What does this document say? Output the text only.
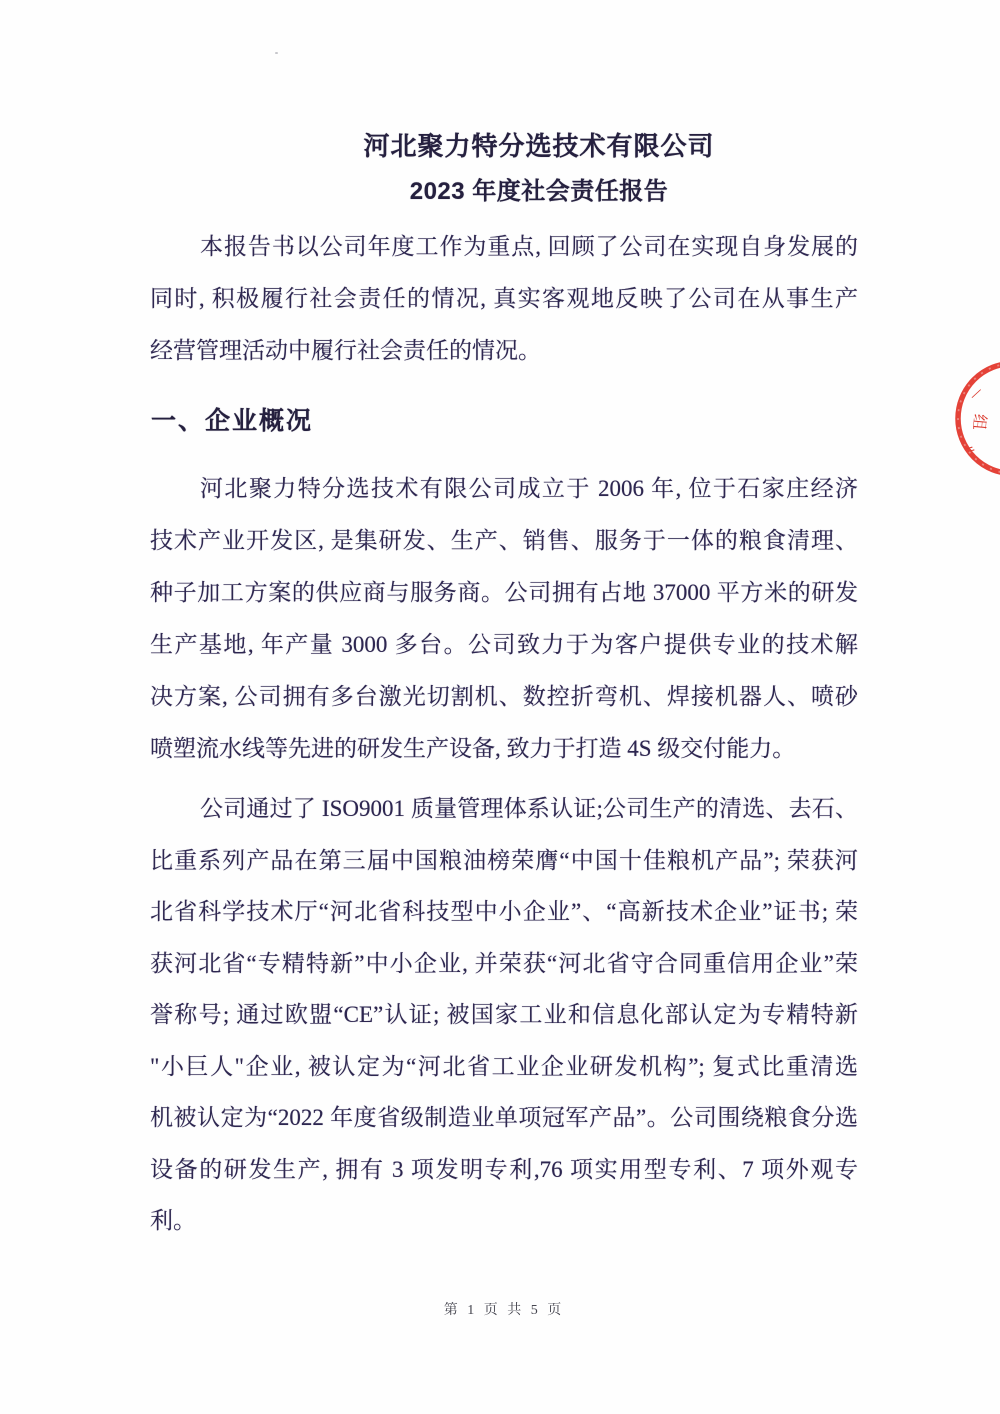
河北聚力特分选技术有限公司
2023 年度社会责任报告
本报告书以公司年度工作为重点, 回顾了公司在实现自身发展的
同时, 积极履行社会责任的情况, 真实客观地反映了公司在从事生产
经营管理活动中履行社会责任的情况。
一、企业概况
河北聚力特分选技术有限公司成立于 2006 年, 位于石家庄经济
技术产业开发区, 是集研发、生产、销售、服务于一体的粮食清理、
种子加工方案的供应商与服务商。公司拥有占地 37000 平方米的研发
生产基地, 年产量 3000 多台。公司致力于为客户提供专业的技术解
决方案, 公司拥有多台激光切割机、数控折弯机、焊接机器人、喷砂
喷塑流水线等先进的研发生产设备, 致力于打造 4S 级交付能力。
公司通过了 ISO9001 质量管理体系认证;公司生产的清选、去石、
比重系列产品在第三届中国粮油榜荣膺“中国十佳粮机产品”; 荣获河
北省科学技术厅“河北省科技型中小企业”、“高新技术企业”证书; 荣
获河北省“专精特新”中小企业, 并荣获“河北省守合同重信用企业”荣
誉称号; 通过欧盟“CE”认证; 被国家工业和信息化部认定为专精特新
"小巨人"企业, 被认定为“河北省工业企业研发机构”; 复式比重清选
机被认定为“2022 年度省级制造业单项冠军产品”。公司围绕粮食分选
设备的研发生产, 拥有 3 项发明专利,76 项实用型专利、7 项外观专
利。
第 1 页 共 5 页
/
组
〃
